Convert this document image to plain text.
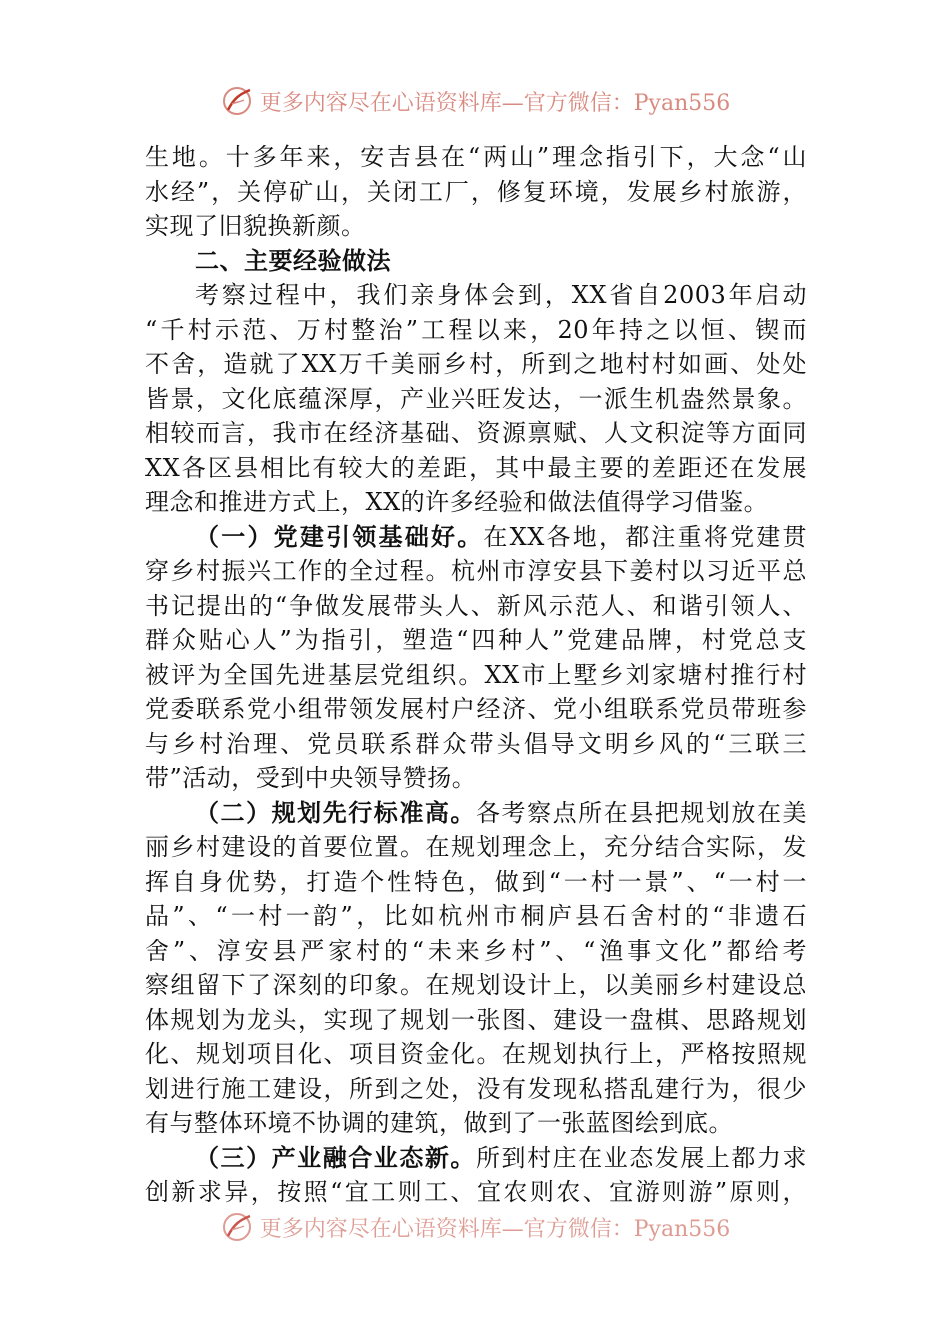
更多内容尽在心语资料库—官方微信：Pyan556
生地。十多年来，安吉县在“两山”理念指引下，大念“山
水经”，关停矿山，关闭工厂，修复环境，发展乡村旅游，
实现了旧貌换新颜。
二、主要经验做法
考察过程中，我们亲身体会到，XX省自2003年启动
“千村示范、万村整治”工程以来，20年持之以恒、锲而
不舍，造就了XX万千美丽乡村，所到之地村村如画、处处
皆景，文化底蕴深厚，产业兴旺发达，一派生机盎然景象。
相较而言，我市在经济基础、资源禀赋、人文积淀等方面同
XX各区县相比有较大的差距，其中最主要的差距还在发展
理念和推进方式上，XX的许多经验和做法值得学习借鉴。
（一）党建引领基础好。在XX各地，都注重将党建贯
穿乡村振兴工作的全过程。杭州市淳安县下姜村以习近平总
书记提出的“争做发展带头人、新风示范人、和谐引领人、
群众贴心人”为指引，塑造“四种人”党建品牌，村党总支
被评为全国先进基层党组织。XX市上墅乡刘家塘村推行村
党委联系党小组带领发展村户经济、党小组联系党员带班参
与乡村治理、党员联系群众带头倡导文明乡风的“三联三
带”活动，受到中央领导赞扬。
（二）规划先行标准高。各考察点所在县把规划放在美
丽乡村建设的首要位置。在规划理念上，充分结合实际，发
挥自身优势，打造个性特色，做到“一村一景”、“一村一
品”、“一村一韵”，比如杭州市桐庐县石舍村的“非遗石
舍”、淳安县严家村的“未来乡村”、“渔事文化”都给考
察组留下了深刻的印象。在规划设计上，以美丽乡村建设总
体规划为龙头，实现了规划一张图、建设一盘棋、思路规划
化、规划项目化、项目资金化。在规划执行上，严格按照规
划进行施工建设，所到之处，没有发现私搭乱建行为，很少
有与整体环境不协调的建筑，做到了一张蓝图绘到底。
（三）产业融合业态新。所到村庄在业态发展上都力求
创新求异，按照“宜工则工、宜农则农、宜游则游”原则，
更多内容尽在心语资料库—官方微信：Pyan556
